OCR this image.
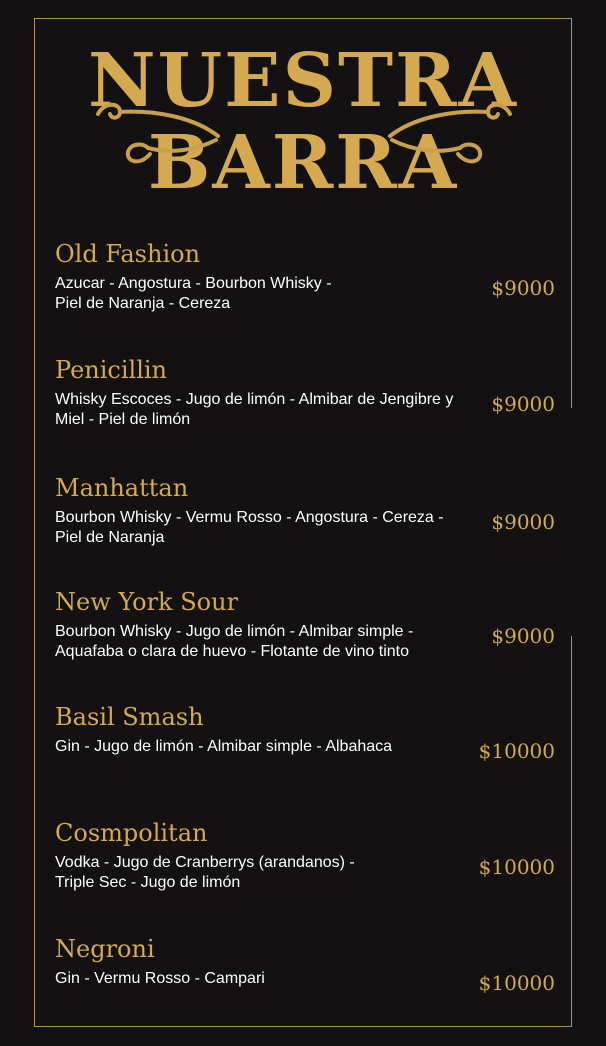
NUESTRA
BARRA

Old Fashion

Azucar - Angostura - Bourbon Whisky -
Piel de Naranja - Cereza

$9000

Penicillin

Whisky Escoces - Jugo de limón - Almibar de Jengibre y Miel - Piel de limón

$9000

Manhattan

Bourbon Whisky - Vermu Rosso - Angostura - Cereza - Piel de Naranja

$9000

New York Sour

Bourbon Whisky - Jugo de limón - Almibar simple - Aquafaba o clara de huevo - Flotante de vino tinto

$9000

Basil Smash

Gin - Jugo de limón - Almibar simple - Albahaca	$10000

Cosmpolitan

Vodka - Jugo de Cranberrys (arandanos) -
Triple Sec - Jugo de limón

$10000

Negroni

Gin - Vermu Rosso - Campari	$10000
